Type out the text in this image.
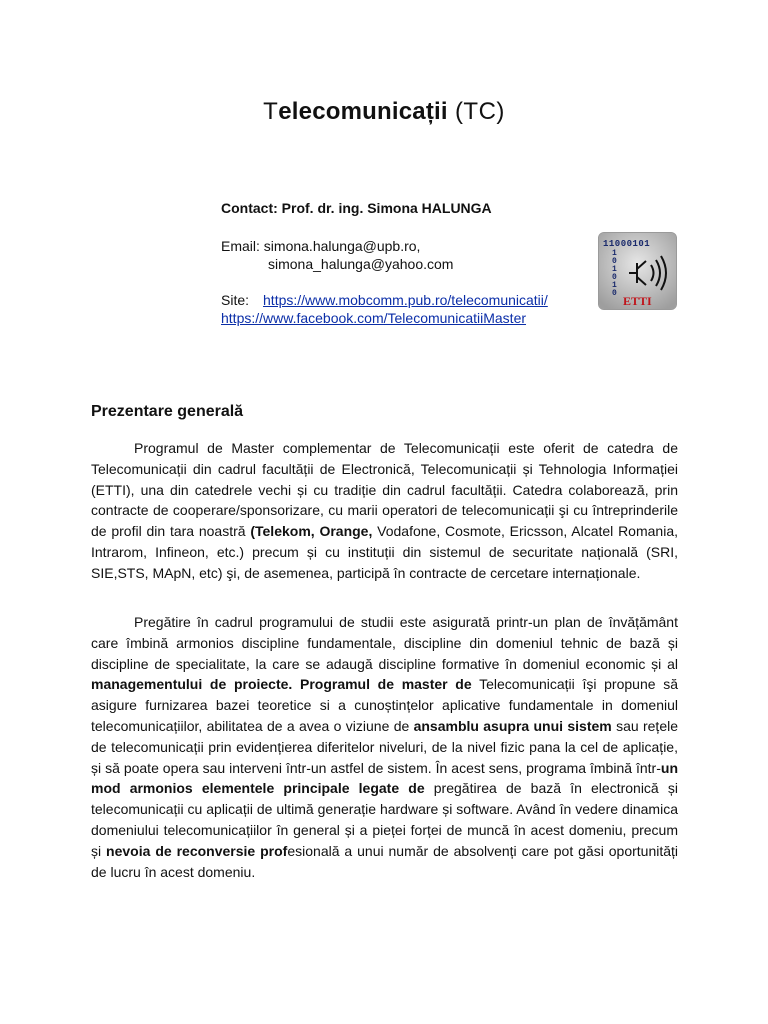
Telecomunicații (TC)
Contact: Prof. dr. ing. Simona HALUNGA
Email: simona.halunga@upb.ro,
simona_halunga@yahoo.com
Site: https://www.mobcomm.pub.ro/telecomunicatii/
https://www.facebook.com/TelecomunicatiiMaster
11000101
1
0
1
0
1
0
ETTI
Prezentare generală

Programul de Master complementar de Telecomunicații este oferit de catedra de Telecomunicații din cadrul facultății de Electronică, Telecomunicații și Tehnologia Informației (ETTI), una din catedrele vechi și cu tradiție din cadrul facultății. Catedra colaborează, prin contracte de cooperare/sponsorizare, cu marii operatori de telecomunicații şi cu întreprinderile de profil din tara noastră (Telekom, Orange, Vodafone, Cosmote, Ericsson, Alcatel Romania, Intrarom, Infineon, etc.) precum și cu instituții din sistemul de securitate națională (SRI, SIE,STS, MApN, etc) şi, de asemenea, participă în contracte de cercetare internaționale.

Pregătire în cadrul programului de studii este asigurată printr-un plan de învățământ care îmbină armonios discipline fundamentale, discipline din domeniul tehnic de bază și discipline de specialitate, la care se adaugă discipline formative în domeniul economic și al managementului de proiecte. Programul de master de Telecomunicații îşi propune să asigure furnizarea bazei teoretice si a cunoștințelor aplicative fundamentale in domeniul telecomunicațiilor, abilitatea de a avea o viziune de ansamblu asupra unui sistem sau rețele de telecomunicații prin evidențierea diferitelor niveluri, de la nivel fizic pana la cel de aplicație, și să poate opera sau interveni într-un astfel de sistem. În acest sens, programa îmbină într-un mod armonios elementele principale legate de pregătirea de bază în electronică și telecomunicații cu aplicații de ultimă generație hardware și software. Având în vedere dinamica domeniului telecomunicațiilor în general și a pieței forței de muncă în acest domeniu, precum și nevoia de reconversie profesională a unui număr de absolvenți care pot găsi oportunități de lucru în acest domeniu.
